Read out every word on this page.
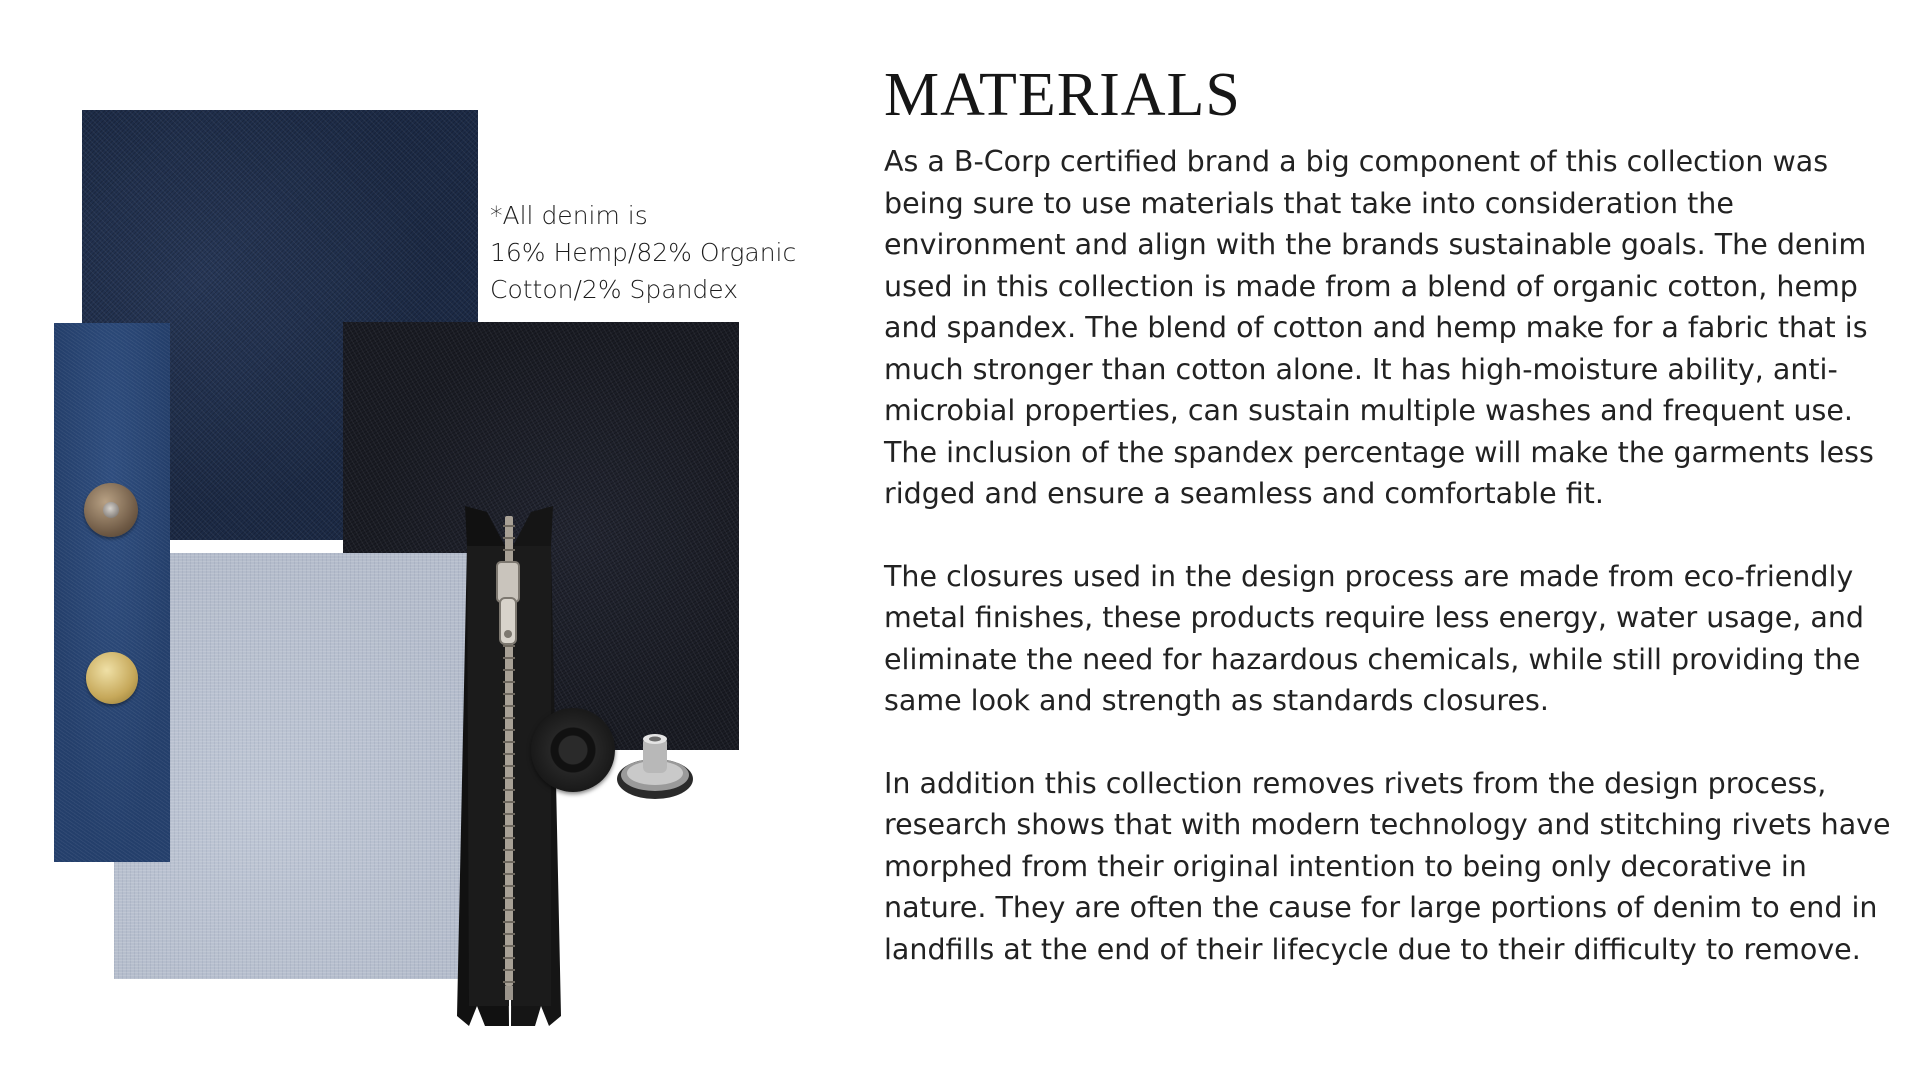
*All denim is
16% Hemp/82% Organic
Cotton/2% Spandex
MATERIALS

As a B-Corp certified brand a big component of this collection was being sure to use materials that take into consideration the environment and align with the brands sustainable goals. The denim used in this collection is made from a blend of organic cotton, hemp and spandex. The blend of cotton and hemp make for a fabric that is much stronger than cotton alone. It has high-moisture ability, anti-microbial properties, can sustain multiple washes and frequent use. The inclusion of the spandex percentage will make the garments less ridged and ensure a seamless and comfortable fit.

The closures used in the design process are made from eco-friendly metal finishes, these products require less energy, water usage, and eliminate the need for hazardous chemicals, while still providing the same look and strength as standards closures.

In addition this collection removes rivets from the design process, research shows that with modern technology and stitching rivets have morphed from their original intention to being only decorative in nature. They are often the cause for large portions of denim to end in landfills at the end of their lifecycle due to their difficulty to remove.
